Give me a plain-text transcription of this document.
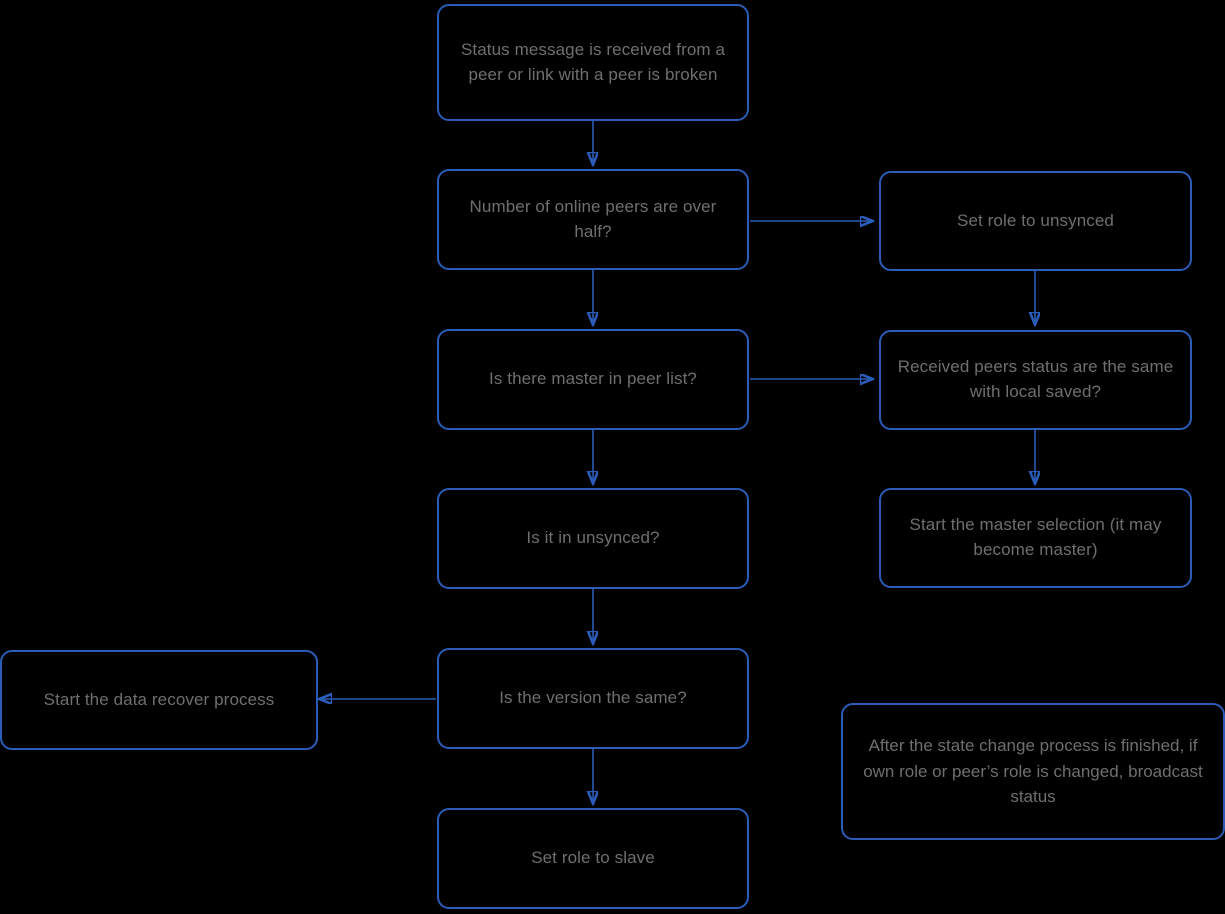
Status message is received from a peer or link with a peer is broken
Number of online peers are over half?
Is there master in peer list?
Is it in unsynced?
Is the version the same?
Set role to slave
Set role to unsynced
Received peers status are the same with local saved?
Start the master selection (it may become master)
Start the data recover process
After the state change process is finished, if own role or peer’s role is changed, broadcast status
